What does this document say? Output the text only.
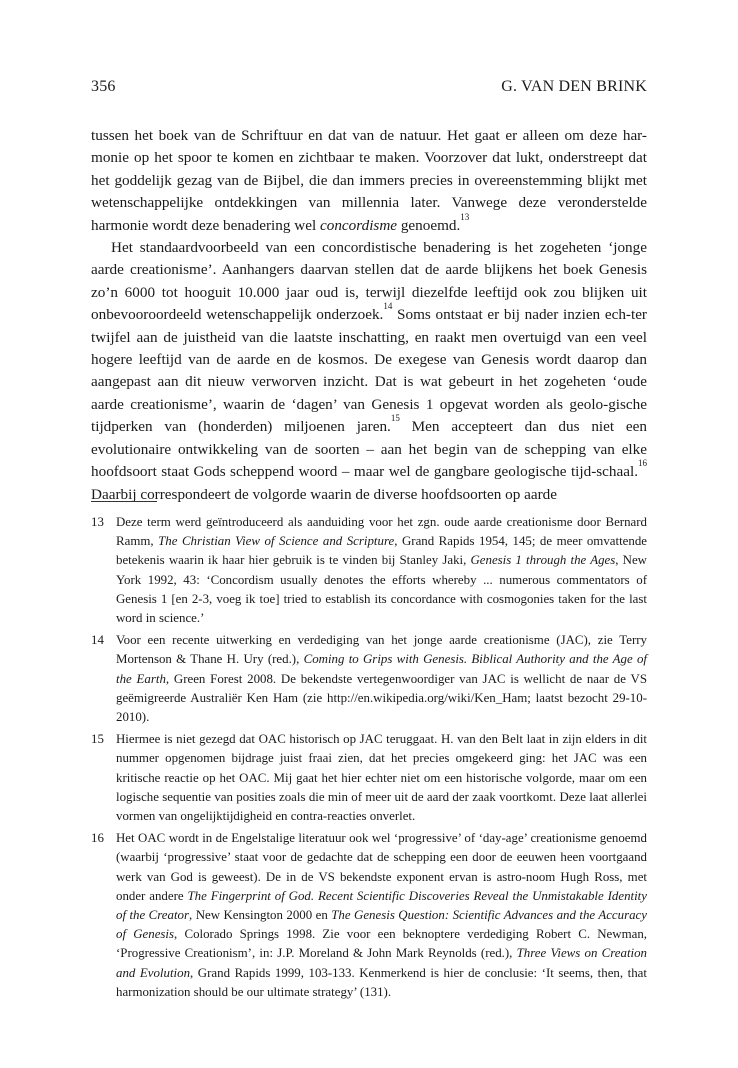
356	G. VAN DEN BRINK

tussen het boek van de Schriftuur en dat van de natuur. Het gaat er alleen om deze har-monie op het spoor te komen en zichtbaar te maken. Voorzover dat lukt, onderstreept dat het goddelijk gezag van de Bijbel, die dan immers precies in overeenstemming blijkt met wetenschappelijke ontdekkingen van millennia later. Vanwege deze veronderstelde harmonie wordt deze benadering wel concordisme genoemd.$^{13}$

Het standaardvoorbeeld van een concordistische benadering is het zogeheten ‘jonge aarde creationisme’. Aanhangers daarvan stellen dat de aarde blijkens het boek Genesis zo’n 6000 tot hooguit 10.000 jaar oud is, terwijl diezelfde leeftijd ook zou blijken uit onbevooroordeeld wetenschappelijk onderzoek.$^{14}$ Soms ontstaat er bij nader inzien ech-ter twijfel aan de juistheid van die laatste inschatting, en raakt men overtuigd van een veel hogere leeftijd van de aarde en de kosmos. De exegese van Genesis wordt daarop dan aangepast aan dit nieuw verworven inzicht. Dat is wat gebeurt in het zogeheten ‘oude aarde creationisme’, waarin de ‘dagen’ van Genesis 1 opgevat worden als geolo-gische tijdperken van (honderden) miljoenen jaren.$^{15}$ Men accepteert dan dus niet een evolutionaire ontwikkeling van de soorten – aan het begin van de schepping van elke hoofdsoort staat Gods scheppend woord – maar wel de gangbare geologische tijd-schaal.$^{16}$ Daarbij correspondeert de volgorde waarin de diverse hoofdsoorten op aarde

13 Deze term werd geïntroduceerd als aanduiding voor het zgn. oude aarde creationisme door Bernard Ramm, The Christian View of Science and Scripture, Grand Rapids 1954, 145; de meer omvattende betekenis waarin ik haar hier gebruik is te vinden bij Stanley Jaki, Genesis 1 through the Ages, New York 1992, 43: ‘Concordism usually denotes the efforts whereby ... numerous commentators of Genesis 1 [en 2-3, voeg ik toe] tried to establish its concordance with cosmogonies taken for the last word in science.’
14 Voor een recente uitwerking en verdediging van het jonge aarde creationisme (JAC), zie Terry Mortenson & Thane H. Ury (red.), Coming to Grips with Genesis. Biblical Authority and the Age of the Earth, Green Forest 2008. De bekendste vertegenwoordiger van JAC is wellicht de naar de VS geëmigreerde Australiër Ken Ham (zie http://en.wikipedia.org/wiki/Ken_Ham; laatst bezocht 29-10-2010).
15 Hiermee is niet gezegd dat OAC historisch op JAC teruggaat. H. van den Belt laat in zijn elders in dit nummer opgenomen bijdrage juist fraai zien, dat het precies omgekeerd ging: het JAC was een kritische reactie op het OAC. Mij gaat het hier echter niet om een historische volgorde, maar om een logische sequentie van posities zoals die min of meer uit de aard der zaak voortkomt. Deze laat allerlei vormen van ongelijktijdigheid en contra-reacties onverlet.
16 Het OAC wordt in de Engelstalige literatuur ook wel ‘progressive’ of ‘day-age’ creationisme genoemd (waarbij ‘progressive’ staat voor de gedachte dat de schepping een door de eeuwen heen voortgaand werk van God is geweest). De in de VS bekendste exponent ervan is astro-noom Hugh Ross, met onder andere The Fingerprint of God. Recent Scientific Discoveries Reveal the Unmistakable Identity of the Creator, New Kensington 2000 en The Genesis Question: Scientific Advances and the Accuracy of Genesis, Colorado Springs 1998. Zie voor een beknoptere verdediging Robert C. Newman, ‘Progressive Creationism’, in: J.P. Moreland & John Mark Reynolds (red.), Three Views on Creation and Evolution, Grand Rapids 1999, 103-133. Kenmerkend is hier de conclusie: ‘It seems, then, that harmonization should be our ultimate strategy’ (131).
